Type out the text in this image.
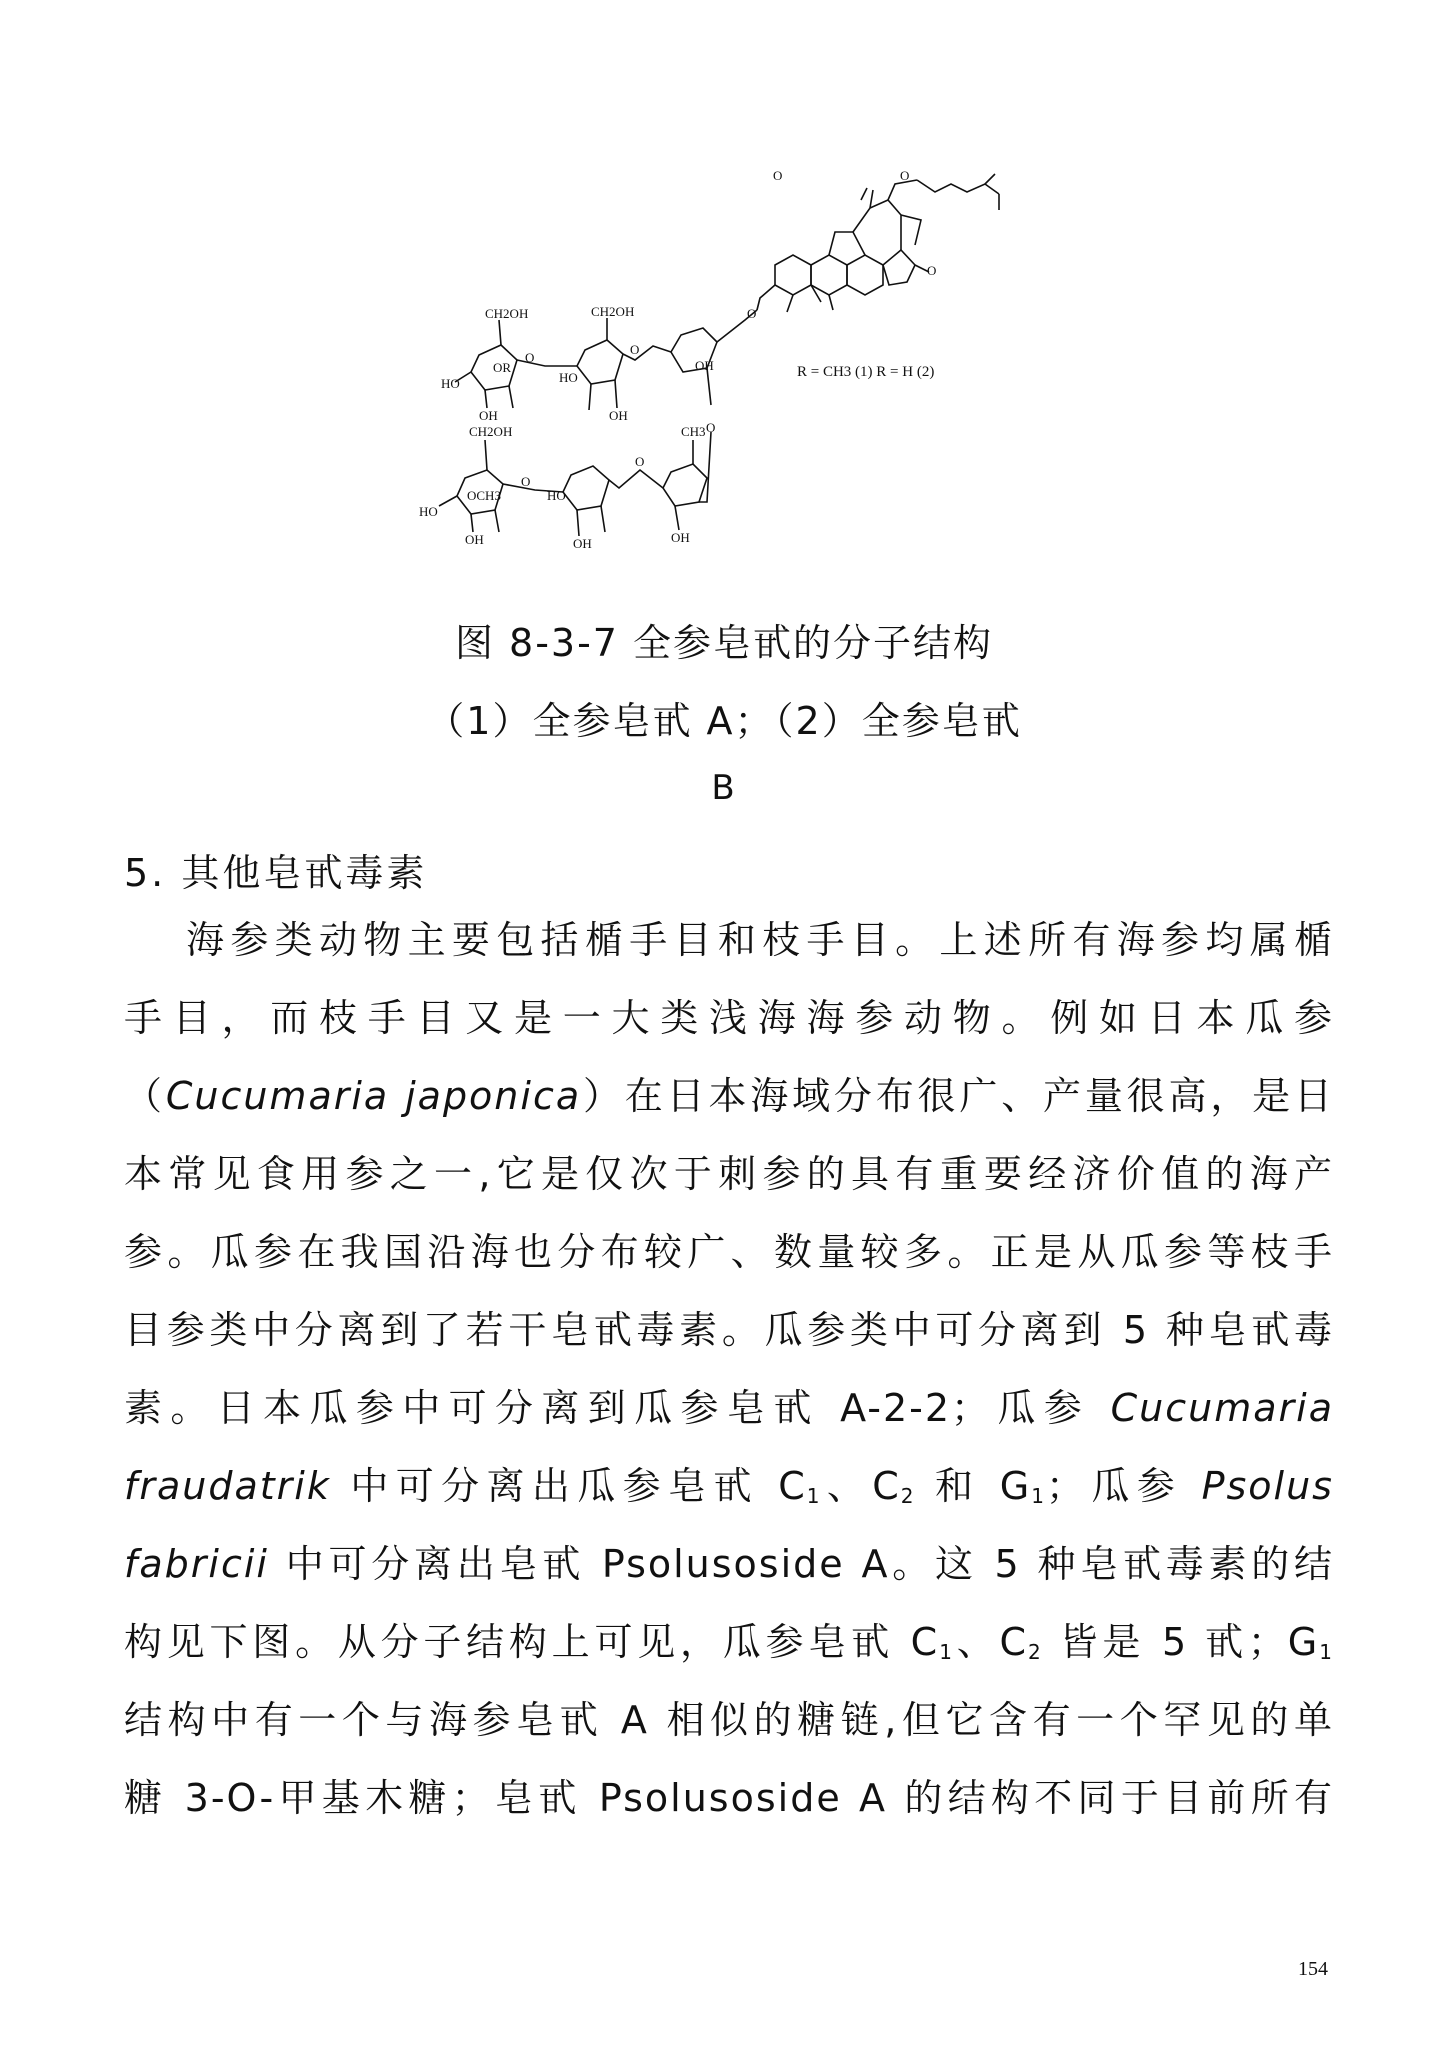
O	O
O
O
CH2OH	CH2OH
OR
HO
OH
HO
OH
OH
CH2OH	CH3
OCH3
HO
HO
OH	OH	OH
O
O
O
O
O
R = CH3 (1) R = H (2)
图 8-3-7 全参皂甙的分子结构
（1）全参皂甙 A；（2）全参皂甙
B
5. 其他皂甙毒素
海参类动物主要包括楯手目和枝手目。上述所有海参均属楯
手目，而枝手目又是一大类浅海海参动物。例如日本瓜参
（Cucumaria japonica）在日本海域分布很广、产量很高，是日
本常见食用参之一,它是仅次于刺参的具有重要经济价值的海产
参。瓜参在我国沿海也分布较广、数量较多。正是从瓜参等枝手
目参类中分离到了若干皂甙毒素。瓜参类中可分离到 5 种皂甙毒
素。日本瓜参中可分离到瓜参皂甙 A-2-2；瓜参 Cucumaria
fraudatrik 中可分离出瓜参皂甙 $C_1$、$C_2$ 和 $G_1$；瓜参 Psolus
fabricii 中可分离出皂甙 Psolusoside A。这 5 种皂甙毒素的结
构见下图。从分子结构上可见，瓜参皂甙 $C_1$、$C_2$ 皆是 5 甙；$G_1$
结构中有一个与海参皂甙 A 相似的糖链,但它含有一个罕见的单
糖 3-O-甲基木糖；皂甙 Psolusoside A 的结构不同于目前所有
154
